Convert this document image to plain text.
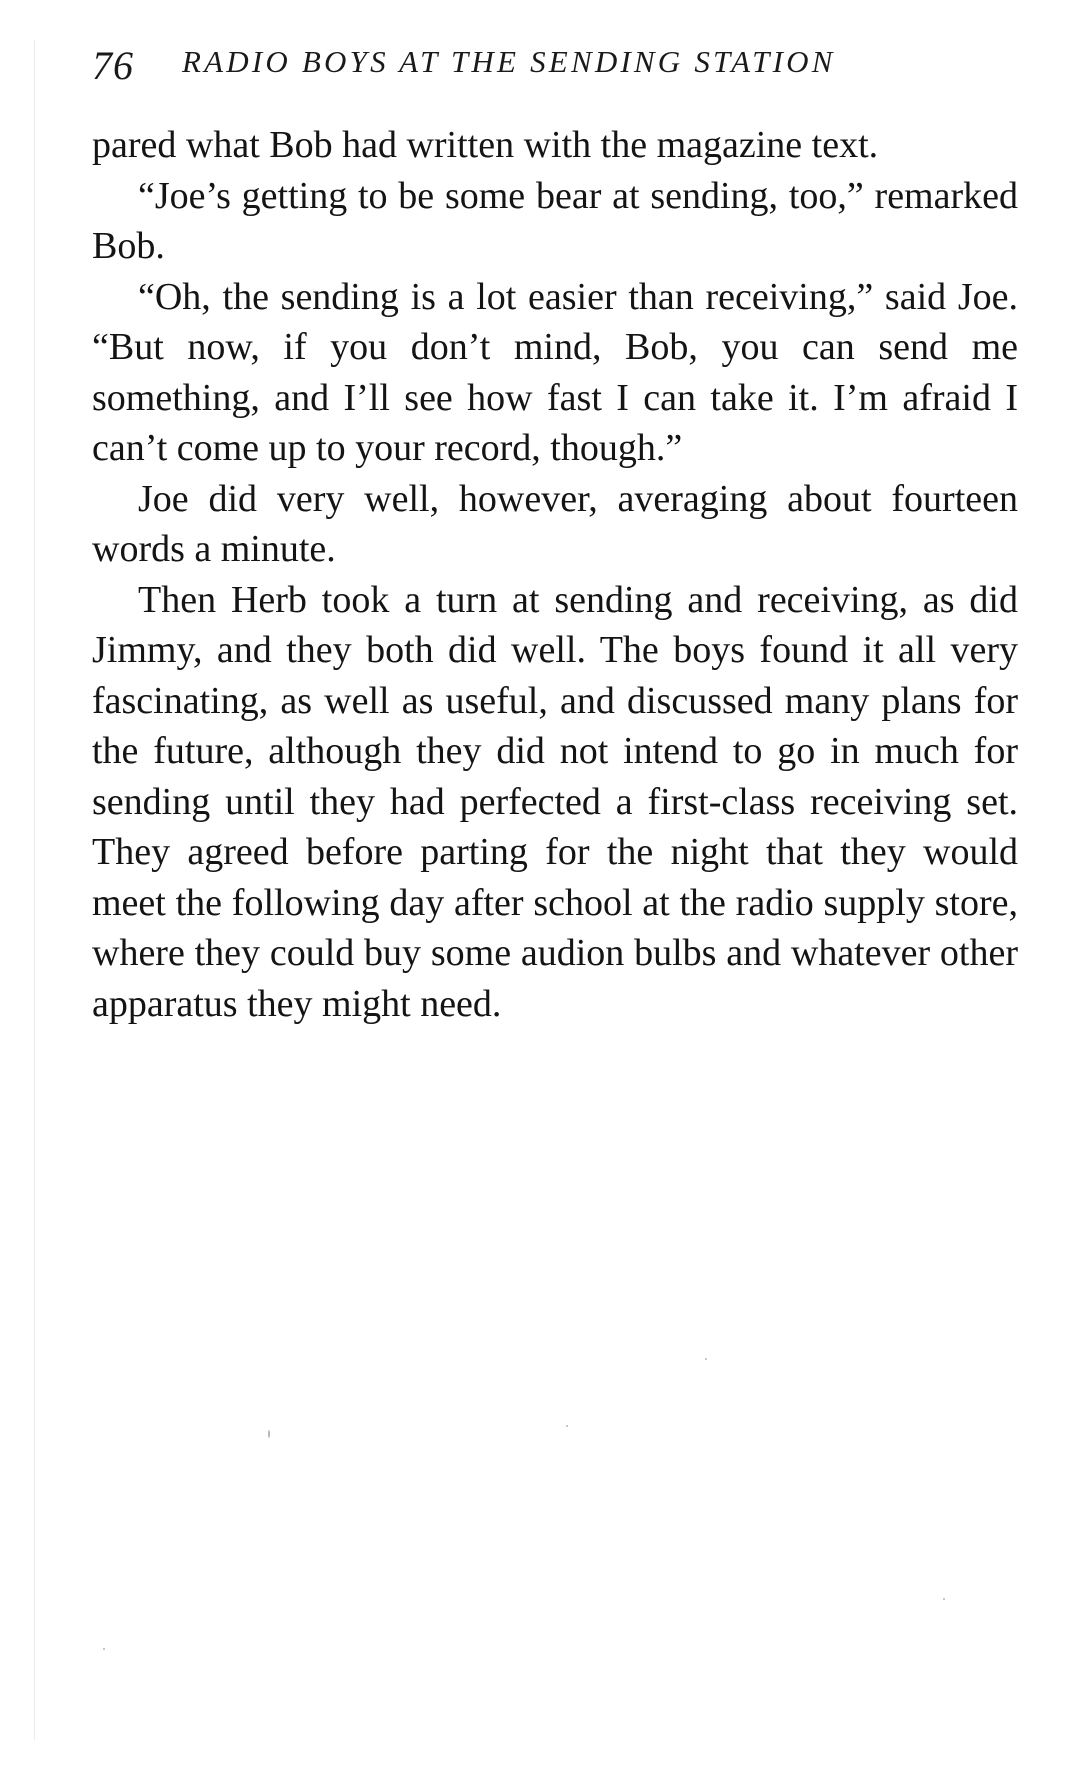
76 RADIO BOYS AT THE SENDING STATION

pared what Bob had written with the magazine text.

“Joe’s getting to be some bear at sending, too,” remarked Bob.

“Oh, the sending is a lot easier than receiving,” said Joe. “But now, if you don’t mind, Bob, you can send me something, and I’ll see how fast I can take it. I’m afraid I can’t come up to your record, though.”

Joe did very well, however, averaging about fourteen words a minute.

Then Herb took a turn at sending and receiving, as did Jimmy, and they both did well. The boys found it all very fascinating, as well as useful, and discussed many plans for the future, although they did not intend to go in much for sending until they had perfected a first-class receiving set. They agreed before parting for the night that they would meet the following day after school at the radio supply store, where they could buy some audion bulbs and whatever other apparatus they might need.
